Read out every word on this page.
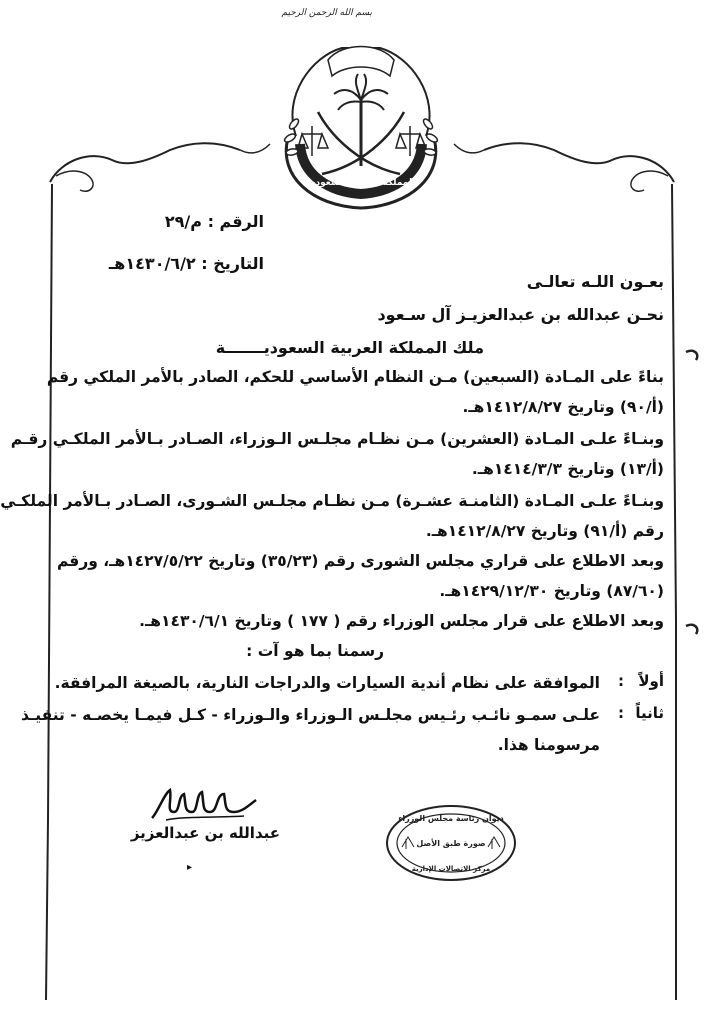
بسم الله الرحمن الرحيم
المملكة العربية السعودية
الرقم : م/٢٩
التاريخ : ١٤٣٠/٦/٢هـ
بعـون اللـه تعالـى
نحـن عبدالله بن عبدالعزيـز آل سـعود
ملك المملكة العربية السعوديـــــــة
بناءً على المـادة (السبعين) مـن النظام الأساسي للحكم، الصادر بالأمر الملكي رقم
(أ/٩٠) وتاريخ ١٤١٢/٨/٢٧هـ.
وبنـاءً علـى المـادة (العشرين) مـن نظـام مجلـس الـوزراء، الصـادر بـالأمر الملكـي رقـم
(أ/١٣) وتاريخ ١٤١٤/٣/٣هـ.
وبنـاءً علـى المـادة (الثامنـة عشـرة) مـن نظـام مجلـس الشـورى، الصـادر بـالأمر الملكـي
رقم (أ/٩١) وتاريخ ١٤١٢/٨/٢٧هـ.
وبعد الاطلاع على قراري مجلس الشورى رقم (٣٥/٢٣) وتاريخ ١٤٢٧/٥/٢٢هـ، ورقم
(٨٧/٦٠) وتاريخ ١٤٢٩/١٢/٣٠هـ.
وبعد الاطلاع على قرار مجلس الوزراء رقم ( ١٧٧ ) وتاريخ ١٤٣٠/٦/١هـ.
رسمنا بما هو آت :
أولاً
:
الموافقة على نظام أندية السيارات والدراجات النارية، بالصيغة المرافقة.
ثانياً
:
علـى سمـو نائـب رئـيس مجلـس الـوزراء والـوزراء - كـل فيمـا يخصـه - تنفيـذ
مرسومنا هذا.
عبدالله بن عبدالعزيز
▸
ديوان رئاسة مجلس الوزراء
صورة طبق الأصل
مركز الاتصالات الإدارية
